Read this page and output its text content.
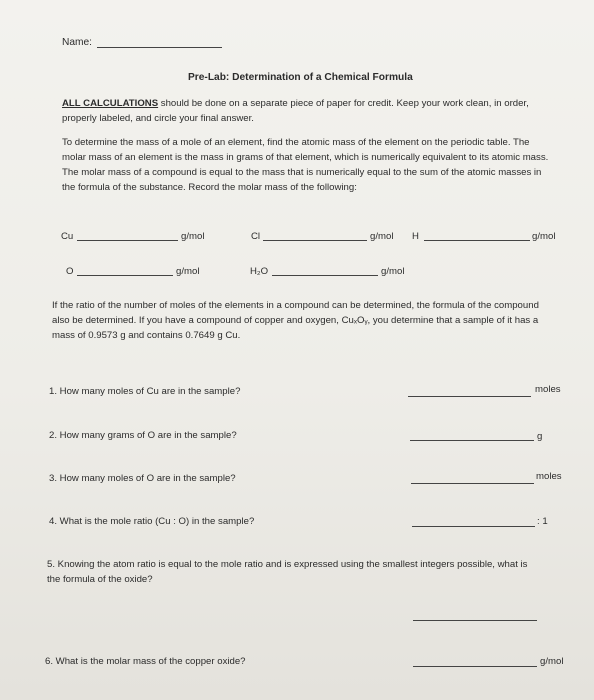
Name:
Pre-Lab: Determination of a Chemical Formula
ALL CALCULATIONS should be done on a separate piece of paper for credit. Keep your work clean, in order, properly labeled, and circle your final answer.
To determine the mass of a mole of an element, find the atomic mass of the element on the periodic table. The molar mass of an element is the mass in grams of that element, which is numerically equivalent to its atomic mass. The molar mass of a compound is equal to the mass that is numerically equal to the sum of the atomic masses in the formula of the substance. Record the molar mass of the following:
Cu	g/mol	Cl	g/mol H	g/mol
O	g/mol	H₂O	g/mol
If the ratio of the number of moles of the elements in a compound can be determined, the formula of the compound also be determined. If you have a compound of copper and oxygen, CuₓOᵧ, you determine that a sample of it has a mass of 0.9573 g and contains 0.7649 g Cu.
1. How many moles of Cu are in the sample?	moles
2. How many grams of O are in the sample?	g
3. How many moles of O are in the sample?	moles
4. What is the mole ratio (Cu : O) in the sample?	: 1
5. Knowing the atom ratio is equal to the mole ratio and is expressed using the smallest integers possible, what is the formula of the oxide?
6. What is the molar mass of the copper oxide?	g/mol
